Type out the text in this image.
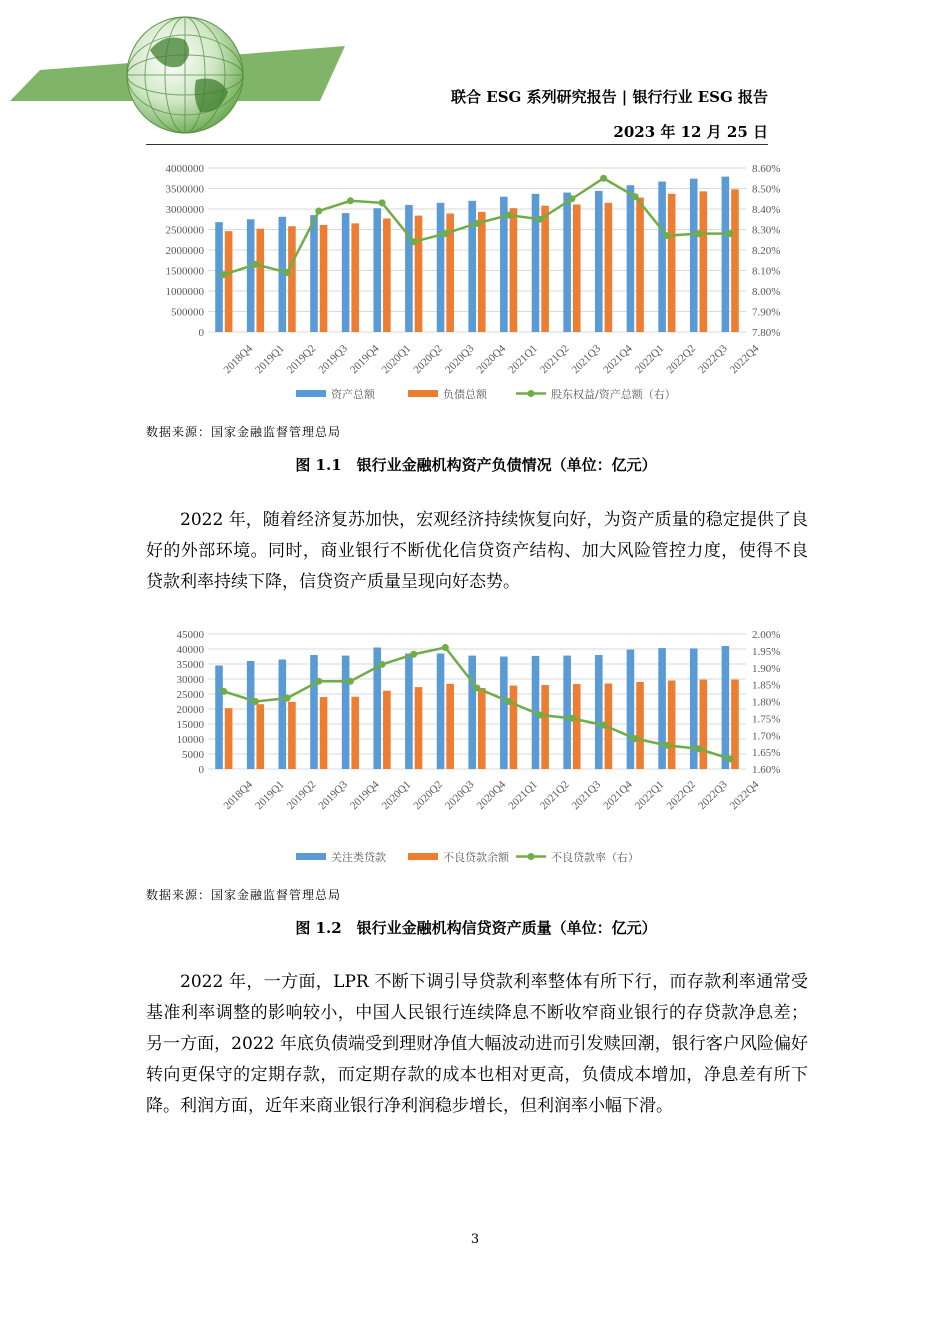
联合 ESG 系列研究报告 | 银行行业 ESG 报告
2023 年 12 月 25 日
0
500000
1000000
1500000
2000000
2500000
3000000
3500000
4000000
7.80%
7.90%
8.00%
8.10%
8.20%
8.30%
8.40%
8.50%
8.60%
2018Q4
2019Q1
2019Q2
2019Q3
2019Q4
2020Q1
2020Q2
2020Q3
2020Q4
2021Q1
2021Q2
2021Q3
2021Q4
2022Q1
2022Q2
2022Q3
2022Q4
资产总额	负债总额	股东权益/资产总额（右）
数据来源：国家金融监督管理总局
图 1.1　银行业金融机构资产负债情况（单位：亿元）

2022 年，随着经济复苏加快，宏观经济持续恢复向好，为资产质量的稳定提供了良好的外部环境。同时，商业银行不断优化信贷资产结构、加大风险管控力度，使得不良贷款利率持续下降，信贷资产质量呈现向好态势。

0
5000
10000
15000
20000
25000
30000
35000
40000
45000
1.60%
1.65%
1.70%
1.75%
1.80%
1.85%
1.90%
1.95%
2.00%
2018Q4
2019Q1
2019Q2
2019Q3
2019Q4
2020Q1
2020Q2
2020Q3
2020Q4
2021Q1
2021Q2
2021Q3
2021Q4
2022Q1
2022Q2
2022Q3
2022Q4
关注类贷款	不良贷款余额	不良贷款率（右）
数据来源：国家金融监督管理总局
图 1.2　银行业金融机构信贷资产质量（单位：亿元）

2022 年，一方面，LPR 不断下调引导贷款利率整体有所下行，而存款利率通常受基准利率调整的影响较小，中国人民银行连续降息不断收窄商业银行的存贷款净息差；另一方面，2022 年底负债端受到理财净值大幅波动进而引发赎回潮，银行客户风险偏好转向更保守的定期存款，而定期存款的成本也相对更高，负债成本增加，净息差有所下降。利润方面，近年来商业银行净利润稳步增长，但利润率小幅下滑。

3
